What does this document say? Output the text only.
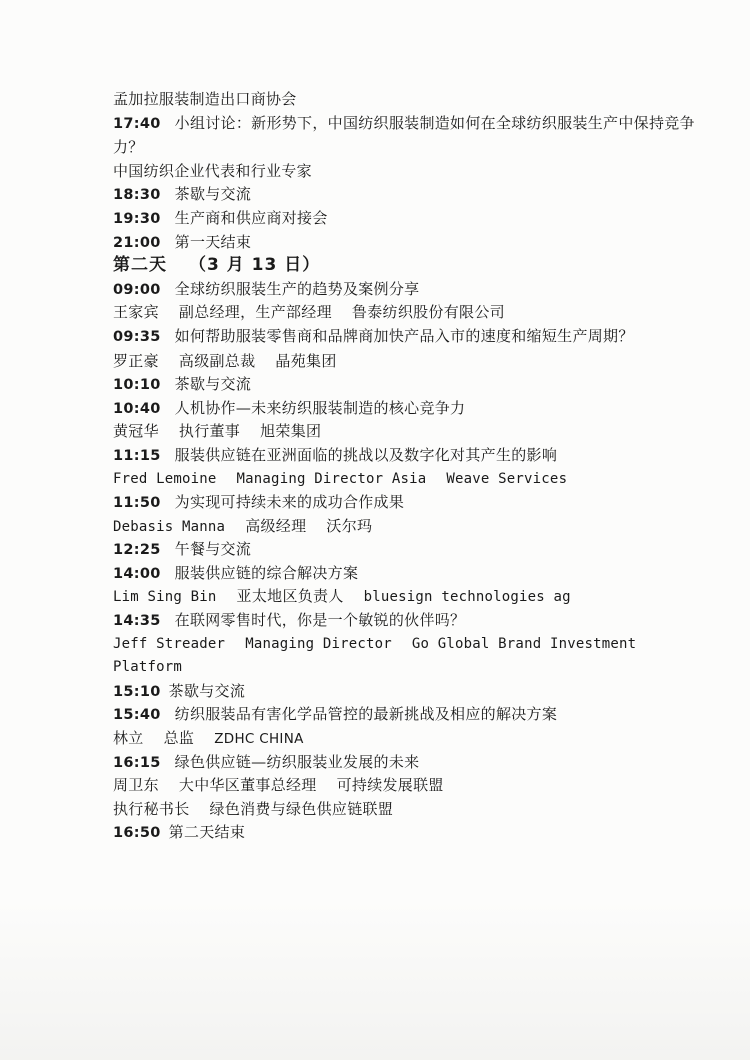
孟加拉服装制造出口商协会
17:40 小组讨论：新形势下，中国纺织服装制造如何在全球纺织服装生产中保持竞争力？
中国纺织企业代表和行业专家
18:30 茶歇与交流
19:30 生产商和供应商对接会
21:00 第一天结束
第二天 （3 月 13 日）
09:00 全球纺织服装生产的趋势及案例分享
王家宾 副总经理，生产部经理 鲁泰纺织股份有限公司
09:35 如何帮助服装零售商和品牌商加快产品入市的速度和缩短生产周期？
罗正豪 高级副总裁 晶苑集团
10:10 茶歇与交流
10:40 人机协作—未来纺织服装制造的核心竞争力
黄冠华 执行董事 旭荣集团
11:15 服装供应链在亚洲面临的挑战以及数字化对其产生的影响
Fred Lemoine Managing Director Asia Weave Services
11:50 为实现可持续未来的成功合作成果
Debasis Manna 高级经理 沃尔玛
12:25 午餐与交流
14:00 服装供应链的综合解决方案
Lim Sing Bin 亚太地区负责人 bluesign technologies ag
14:35 在联网零售时代，你是一个敏锐的伙伴吗？
Jeff Streader Managing Director Go Global Brand Investment
Platform
15:10 茶歇与交流
15:40 纺织服装品有害化学品管控的最新挑战及相应的解决方案
林立 总监 ZDHC CHINA
16:15 绿色供应链—纺织服装业发展的未来
周卫东 大中华区董事总经理 可持续发展联盟
执行秘书长 绿色消费与绿色供应链联盟
16:50 第二天结束
